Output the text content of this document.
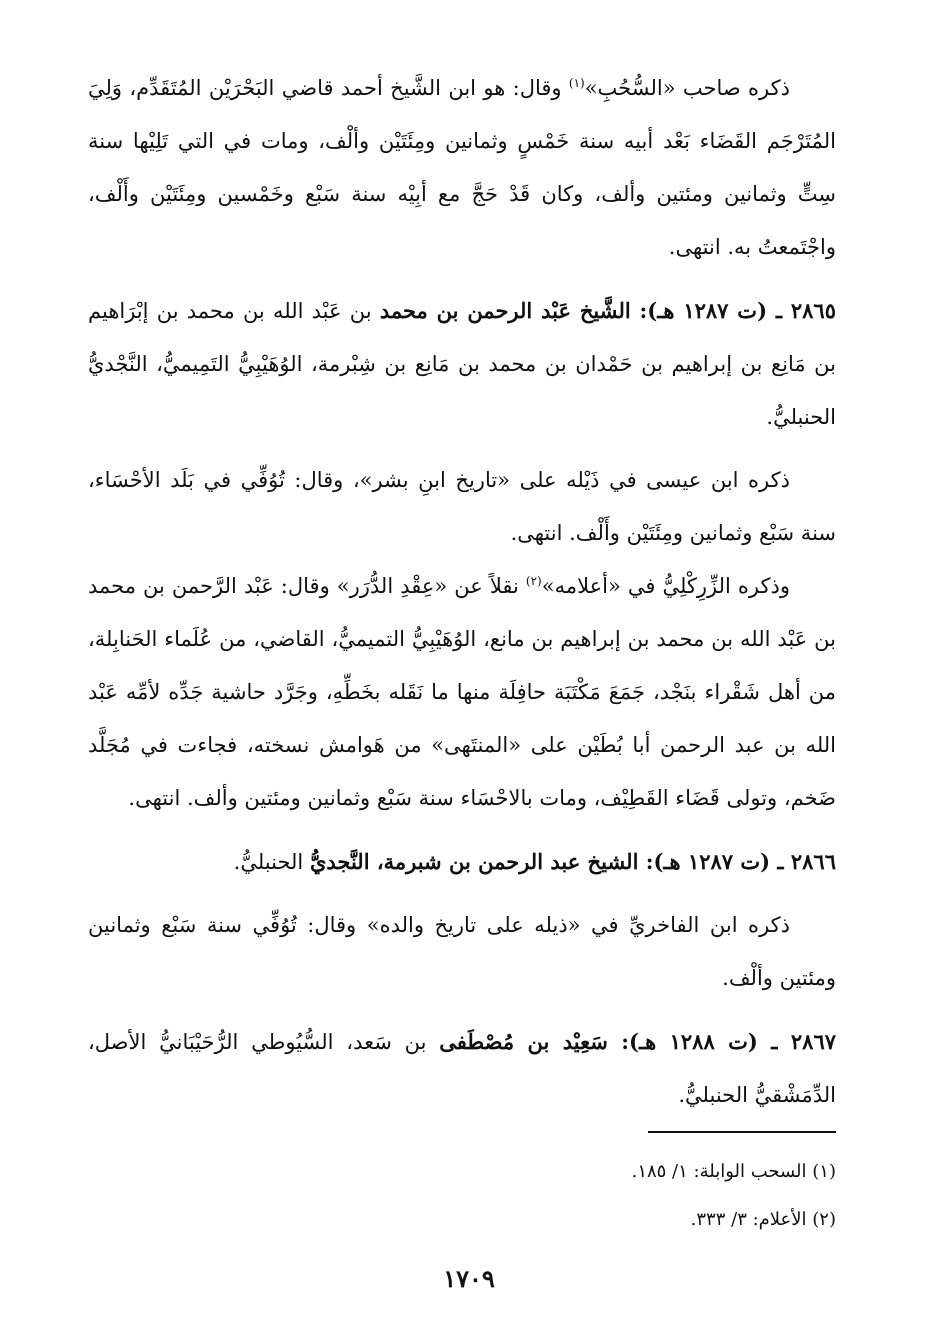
ذكره صاحب «السُّحُبِ»$^{(١)}$ وقال: هو ابن الشَّيخ أحمد قاضي البَحْرَيْن المُتَقَدِّم، وَلِيَ المُتَرْجَم القَضَاء بَعْد أبيه سنة خَمْسٍ وثمانين ومِئَتَيْن وألْف، ومات في التي تَلِيْها سنة سِتٍّ وثمانين ومئتين وألف، وكان قَدْ حَجَّ مع أبِيْه سنة سَبْع وخَمْسين ومِئَتَيْن وأَلْف، واجْتَمعتُ به. انتهى.

٢٨٦٥ ـ (ت ١٢٨٧ هـ): الشَّيخ عَبْد الرحمن بن محمد بن عَبْد الله بن محمد بن إبْرَاهيم بن مَانِع بن إبراهيم بن حَمْدان بن محمد بن مَانِع بن شِبْرمة، الوُهَيْبِيُّ التَمِيميُّ، النَّجْديُّ الحنبليُّ.

ذكره ابن عيسى في ذَيْله على «تاريخ ابنِ بشر»، وقال: تُوُفِّي في بَلَد الأحْسَاء، سنة سَبْع وثمانين ومِئَتَيْن وأَلْف. انتهى.

وذكره الزِّرِكْلِيُّ في «أعلامه»$^{(٢)}$ نقلاً عن «عِقْدِ الدُّرَر» وقال: عَبْد الرَّحمن بن محمد بن عَبْد الله بن محمد بن إبراهيم بن مانع، الوُهَيْبِيُّ التميميُّ، القاضي، من عُلَماء الحَنابِلة، من أهل شَقْراء بنَجْد، جَمَعَ مَكْتَبَة حافِلَة منها ما نَقَله بخَطِّهِ، وجَرَّد حاشية جَدِّه لأمِّه عَبْد الله بن عبد الرحمن أبا بُطَيْن على «المنتَهى» من هَوامش نسخته، فجاءت في مُجَلَّد ضَخم، وتولى قَضَاء القَطِيْف، ومات بالاحْسَاء سنة سَبْع وثمانين ومئتين وألف. انتهى.

٢٨٦٦ ـ (ت ١٢٨٧ هـ): الشيخ عبد الرحمن بن شبرمة، النَّجديُّ الحنبليُّ.

ذكره ابن الفاخريِّ في «ذيله على تاريخ والده» وقال: تُوُفِّي سنة سَبْع وثمانين ومئتين وألْف.

٢٨٦٧ ـ (ت ١٢٨٨ هـ): سَعِيْد بن مُصْطَفى بن سَعد، السُّيُوطي الرُّحَيْبَانيُّ الأصل، الدِّمَشْقيُّ الحنبليُّ.

(١) السحب الوابلة: ١/ ١٨٥.

(٢) الأعلام: ٣/ ٣٣٣.

١٧٠٩
